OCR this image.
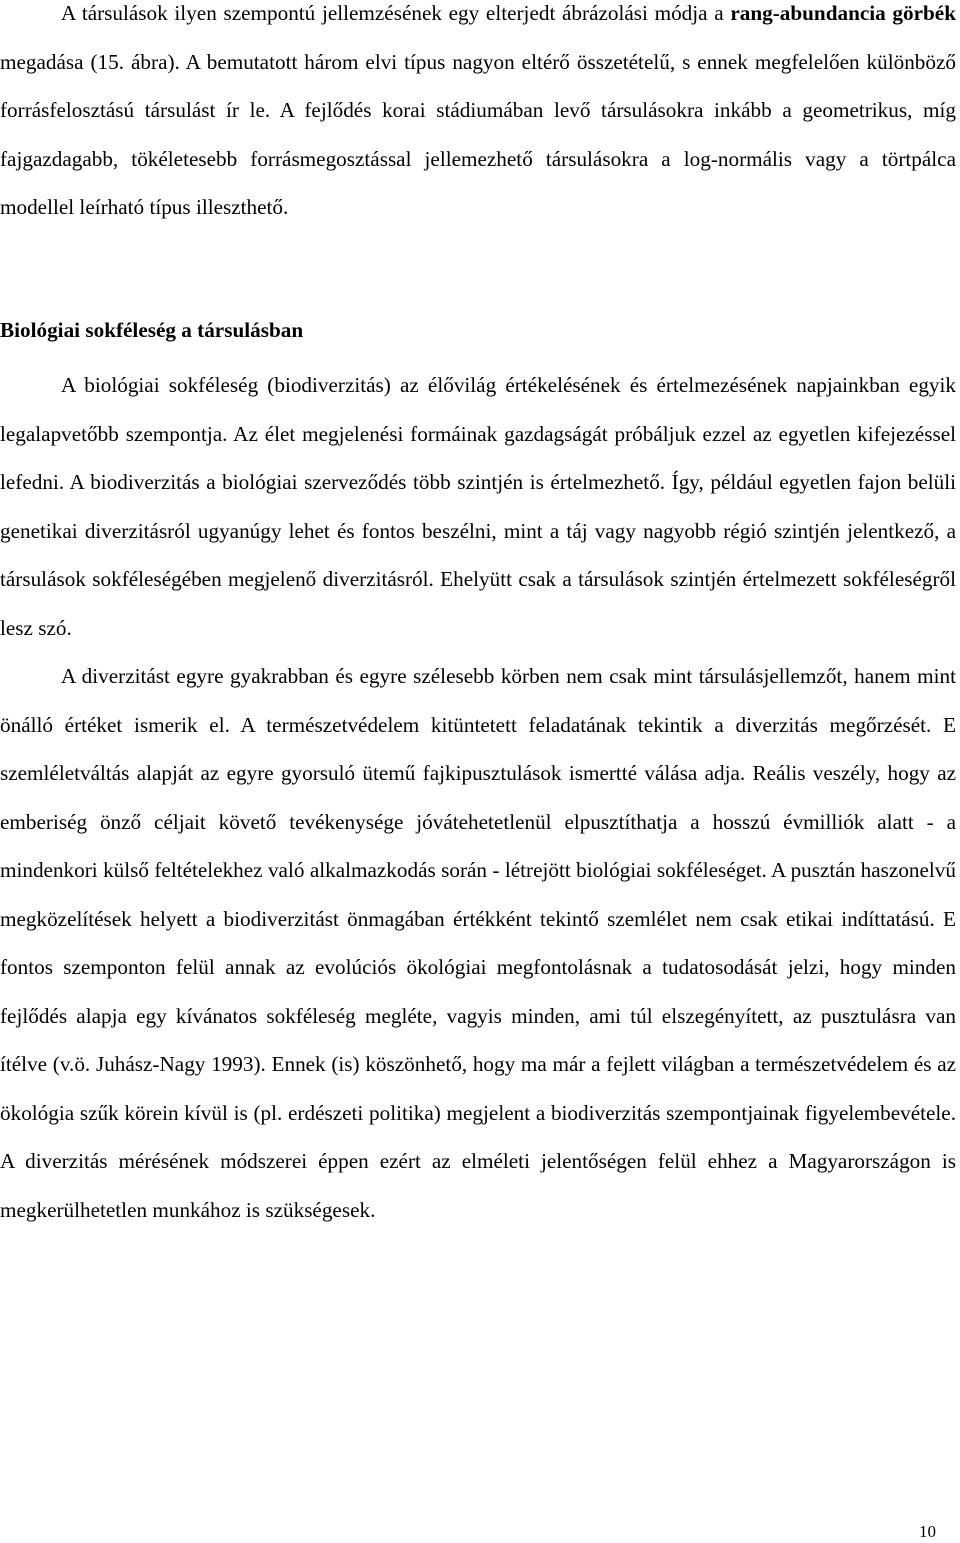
A társulások ilyen szempontú jellemzésének egy elterjedt ábrázolási módja a rang-abundancia görbék megadása (15. ábra). A bemutatott három elvi típus nagyon eltérő összetételű, s ennek megfelelően különböző forrásfelosztású társulást ír le. A fejlődés korai stádiumában levő társulásokra inkább a geometrikus, míg fajgazdagabb, tökéletesebb forrásmegosztással jellemezhető társulásokra a log-normális vagy a törtpálca modellel leírható típus illeszthető.

Biológiai sokféleség a társulásban

A biológiai sokféleség (biodiverzitás) az élővilág értékelésének és értelmezésének napjainkban egyik legalapvetőbb szempontja. Az élet megjelenési formáinak gazdagságát próbáljuk ezzel az egyetlen kifejezéssel lefedni. A biodiverzitás a biológiai szerveződés több szintjén is értelmezhető. Így, például egyetlen fajon belüli genetikai diverzitásról ugyanúgy lehet és fontos beszélni, mint a táj vagy nagyobb régió szintjén jelentkező, a társulások sokféleségében megjelenő diverzitásról. Ehelyütt csak a társulások szintjén értelmezett sokféleségről lesz szó.

A diverzitást egyre gyakrabban és egyre szélesebb körben nem csak mint társulásjellemzőt, hanem mint önálló értéket ismerik el. A természetvédelem kitüntetett feladatának tekintik a diverzitás megőrzését. E szemléletváltás alapját az egyre gyorsuló ütemű fajkipusztulások ismertté válása adja. Reális veszély, hogy az emberiség önző céljait követő tevékenysége jóvátehetetlenül elpusztíthatja a hosszú évmilliók alatt - a mindenkori külső feltételekhez való alkalmazkodás során - létrejött biológiai sokféleséget. A pusztán haszonelvű megközelítések helyett a biodiverzitást önmagában értékként tekintő szemlélet nem csak etikai indíttatású. E fontos szemponton felül annak az evolúciós ökológiai megfontolásnak a tudatosodását jelzi, hogy minden fejlődés alapja egy kívánatos sokféleség megléte, vagyis minden, ami túl elszegényített, az pusztulásra van ítélve (v.ö. Juhász-Nagy 1993). Ennek (is) köszönhető, hogy ma már a fejlett világban a természetvédelem és az ökológia szűk körein kívül is (pl. erdészeti politika) megjelent a biodiverzitás szempontjainak figyelembevétele. A diverzitás mérésének módszerei éppen ezért az elméleti jelentőségen felül ehhez a Magyarországon is megkerülhetetlen munkához is szükségesek.

10
